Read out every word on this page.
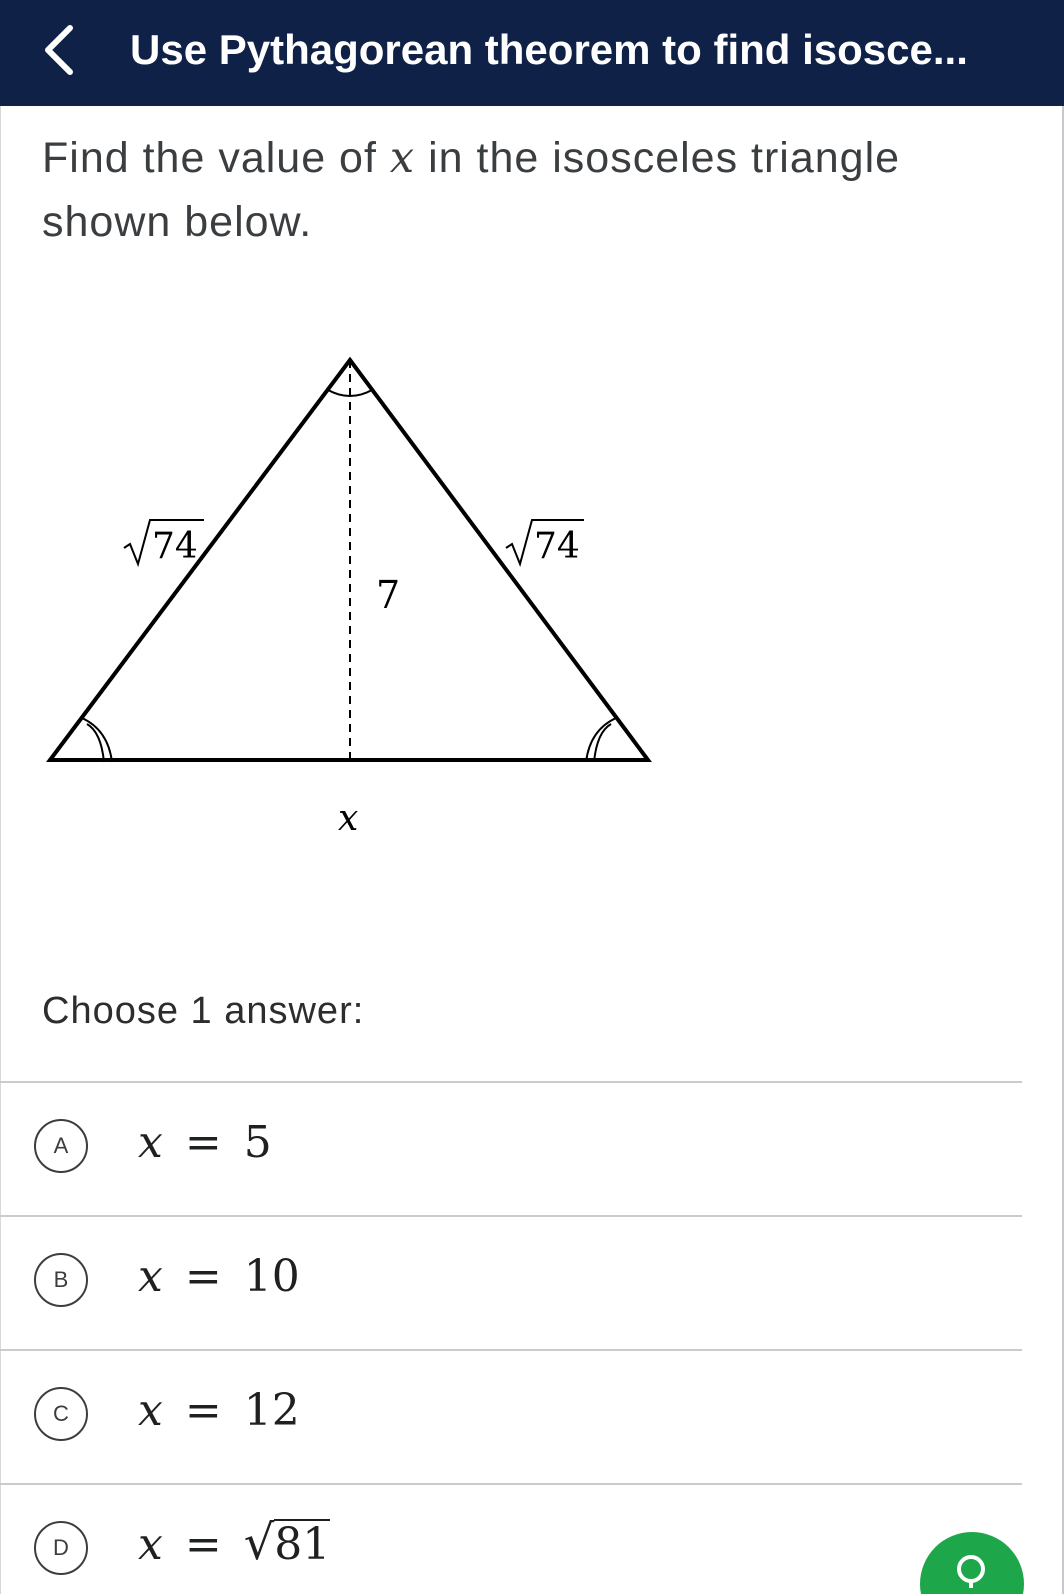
Use Pythagorean theorem to find isosce...
Find the value of x in the isosceles triangle shown below.
74	74
7
x
Choose 1 answer:
A	x = 5
B	x = 10
C	x = 12
D	x = √ 81
